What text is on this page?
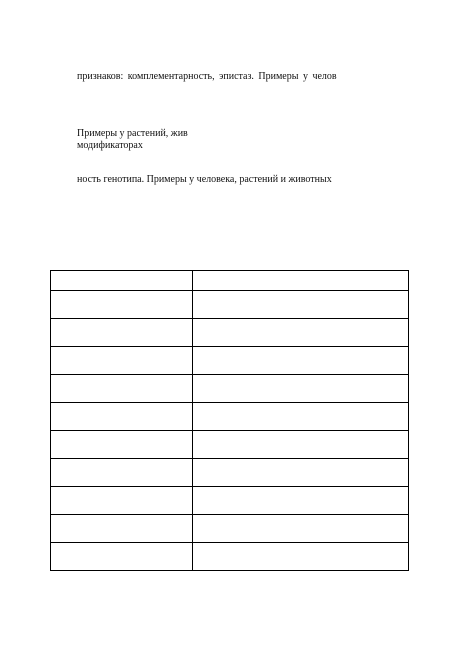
признаков: комплементарность, эпистаз. Примеры у челов
Примеры у растений, жив
модификаторах
ность генотипа. Примеры у человека, растений и животных
